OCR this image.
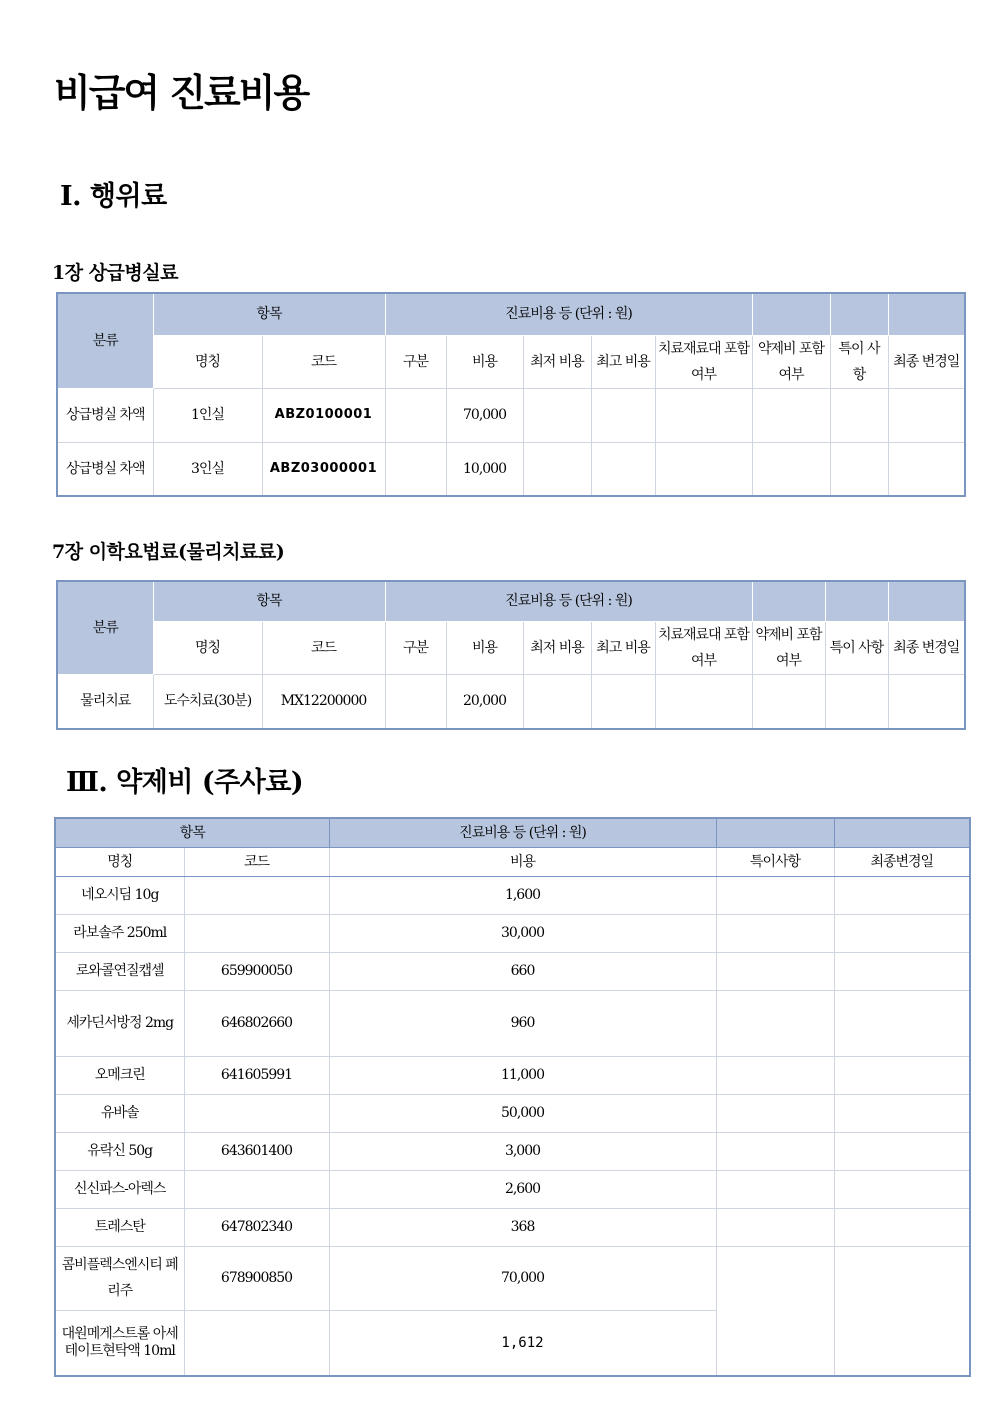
비급여 진료비용
Ⅰ. 행위료
1장 상급병실료
분류	항목		진료비용 등 (단위 : 원)							
	명칭	코드	구분	비용	최저 비용	최고 비용	치료재료대 포함여부	약제비 포함여부	특이 사항	최종 변경일
상급병실 차액	1인실	ABZ0100001		70,000						
상급병실 차액	3인실	ABZ03000001		10,000						
7장 이학요법료(물리치료료)
분류	항목		진료비용 등 (단위 : 원)							
	명칭	코드	구분	비용	최저 비용	최고 비용	치료재료대 포함여부	약제비 포함여부	특이 사항	최종 변경일
물리치료	도수치료(30분)	MX12200000		20,000						
Ⅲ. 약제비 (주사료)
항목		진료비용 등 (단위 : 원)		
명칭	코드	비용	특이사항	최종변경일
네오시딤 10g		1,600		
라보솔주 250ml		30,000		
로와콜연질캡셀	659900050	660		
세카딘서방정 2mg	646802660	960		
오메크린	641605991	11,000		
유바솔		50,000		
유락신 50g	643601400	3,000		
신신파스-아렉스		2,600		
트레스탄	647802340	368		
콤비플렉스엔시티 페리주	678900850	70,000		
대원메게스트롤 아세테이트현탁액 10ml		1,612		
